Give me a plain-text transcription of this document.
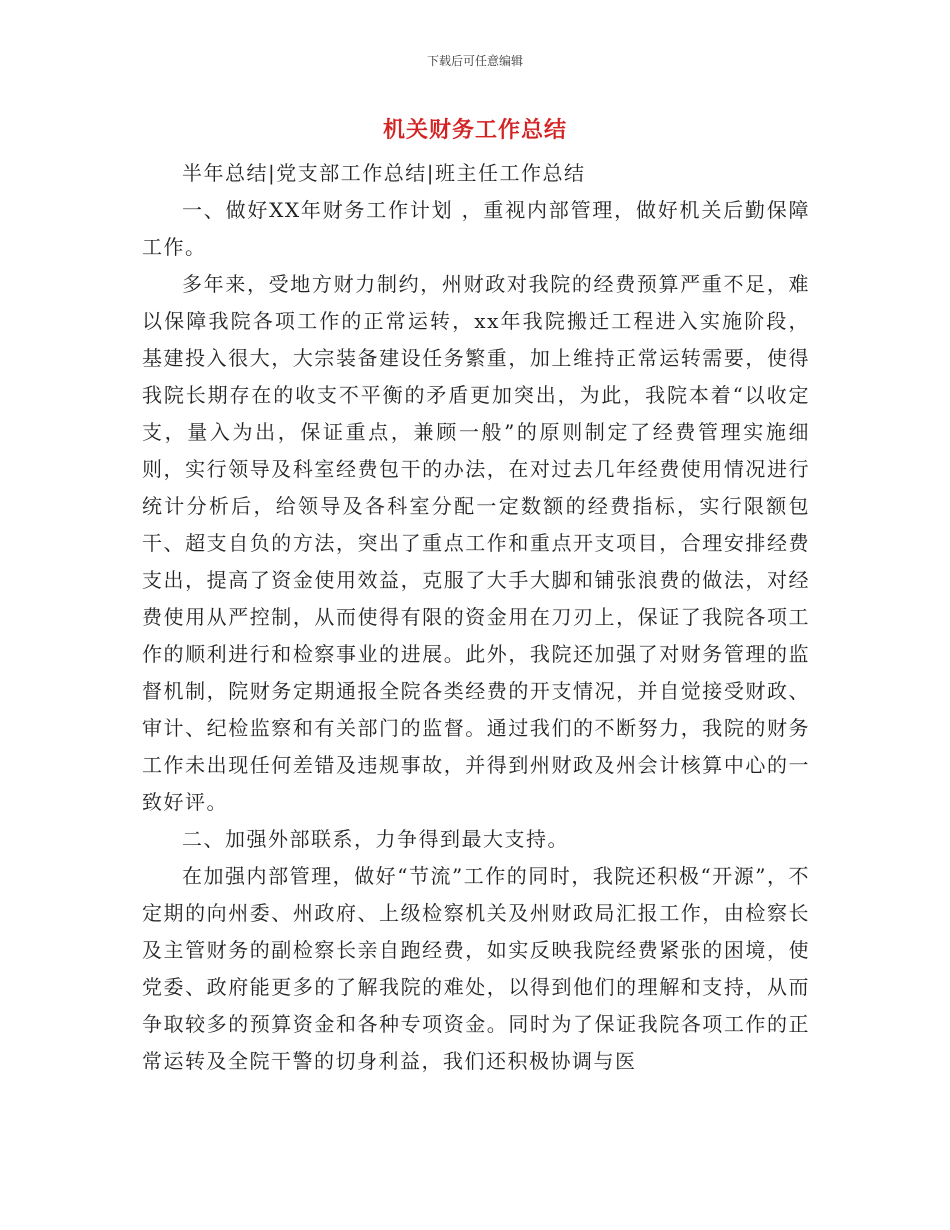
下载后可任意编辑
机关财务工作总结

半年总结|党支部工作总结|班主任工作总结

一、做好XX年财务工作计划 ，重视内部管理，做好机关后勤保障工作。

多年来，受地方财力制约，州财政对我院的经费预算严重不足，难以保障我院各项工作的正常运转，xx年我院搬迁工程进入实施阶段，基建投入很大，大宗装备建设任务繁重，加上维持正常运转需要，使得我院长期存在的收支不平衡的矛盾更加突出，为此，我院本着“以收定支，量入为出，保证重点，兼顾一般”的原则制定了经费管理实施细则，实行领导及科室经费包干的办法，在对过去几年经费使用情况进行统计分析后，给领导及各科室分配一定数额的经费指标，实行限额包干、超支自负的方法，突出了重点工作和重点开支项目，合理安排经费支出，提高了资金使用效益，克服了大手大脚和铺张浪费的做法，对经费使用从严控制，从而使得有限的资金用在刀刃上，保证了我院各项工作的顺利进行和检察事业的进展。此外，我院还加强了对财务管理的监督机制，院财务定期通报全院各类经费的开支情况，并自觉接受财政、审计、纪检监察和有关部门的监督。通过我们的不断努力，我院的财务工作未出现任何差错及违规事故，并得到州财政及州会计核算中心的一致好评。

二、加强外部联系，力争得到最大支持。

在加强内部管理，做好“节流”工作的同时，我院还积极“开源”，不定期的向州委、州政府、上级检察机关及州财政局汇报工作，由检察长及主管财务的副检察长亲自跑经费，如实反映我院经费紧张的困境，使党委、政府能更多的了解我院的难处，以得到他们的理解和支持，从而争取较多的预算资金和各种专项资金。同时为了保证我院各项工作的正常运转及全院干警的切身利益，我们还积极协调与医
